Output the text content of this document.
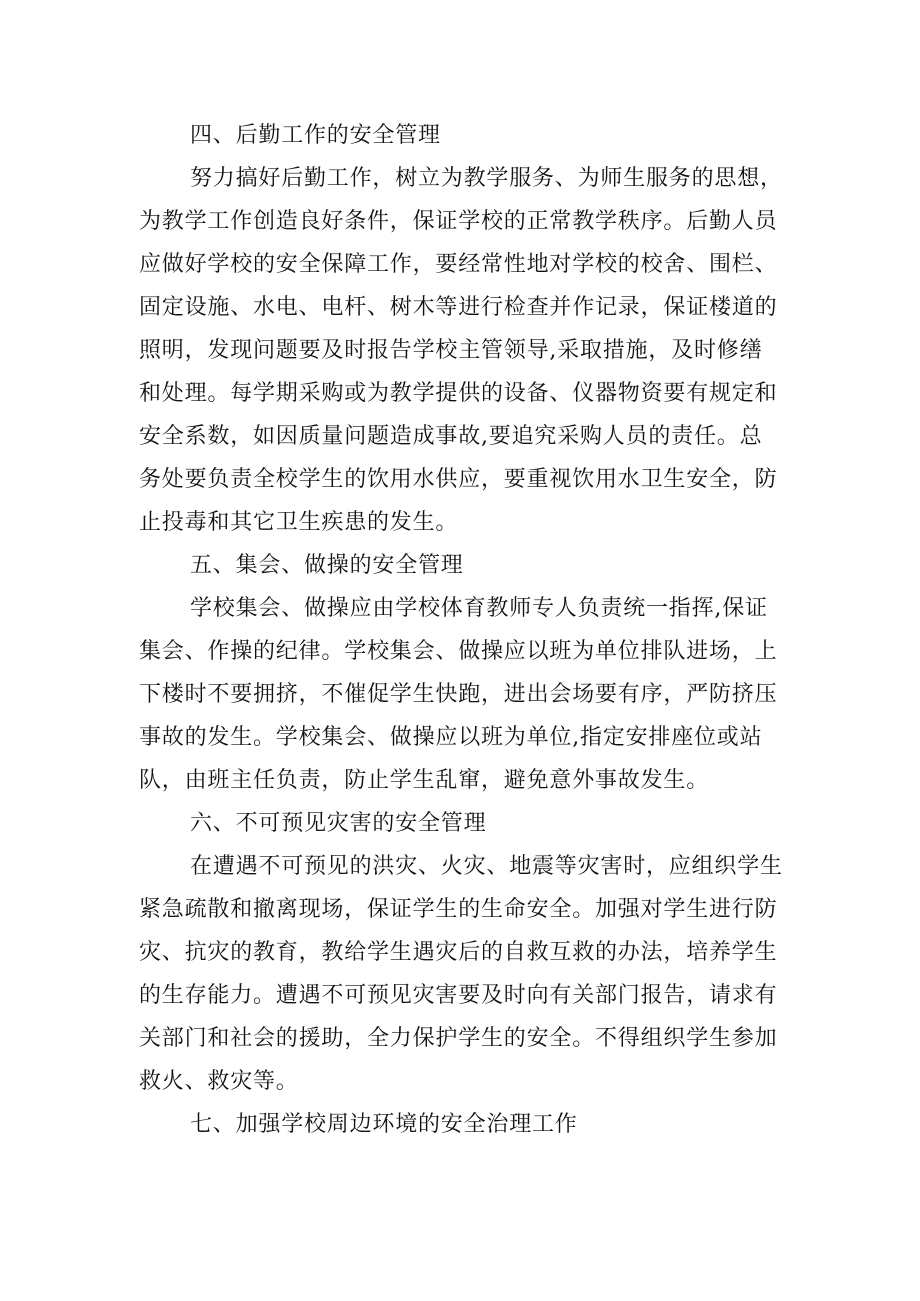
四、后勤工作的安全管理
努力搞好后勤工作，树立为教学服务、为师生服务的思想，
为教学工作创造良好条件，保证学校的正常教学秩序。后勤人员
应做好学校的安全保障工作，要经常性地对学校的校舍、围栏、
固定设施、水电、电杆、树木等进行检查并作记录，保证楼道的
照明，发现问题要及时报告学校主管领导,采取措施，及时修缮
和处理。每学期采购或为教学提供的设备、仪器物资要有规定和
安全系数，如因质量问题造成事故,要追究采购人员的责任。总
务处要负责全校学生的饮用水供应，要重视饮用水卫生安全，防
止投毒和其它卫生疾患的发生。
五、集会、做操的安全管理
学校集会、做操应由学校体育教师专人负责统一指挥,保证
集会、作操的纪律。学校集会、做操应以班为单位排队进场，上
下楼时不要拥挤，不催促学生快跑，进出会场要有序，严防挤压
事故的发生。学校集会、做操应以班为单位,指定安排座位或站
队，由班主任负责，防止学生乱窜，避免意外事故发生。
六、不可预见灾害的安全管理
在遭遇不可预见的洪灾、火灾、地震等灾害时，应组织学生
紧急疏散和撤离现场，保证学生的生命安全。加强对学生进行防
灾、抗灾的教育，教给学生遇灾后的自救互救的办法，培养学生
的生存能力。遭遇不可预见灾害要及时向有关部门报告，请求有
关部门和社会的援助，全力保护学生的安全。不得组织学生参加
救火、救灾等。
七、加强学校周边环境的安全治理工作
